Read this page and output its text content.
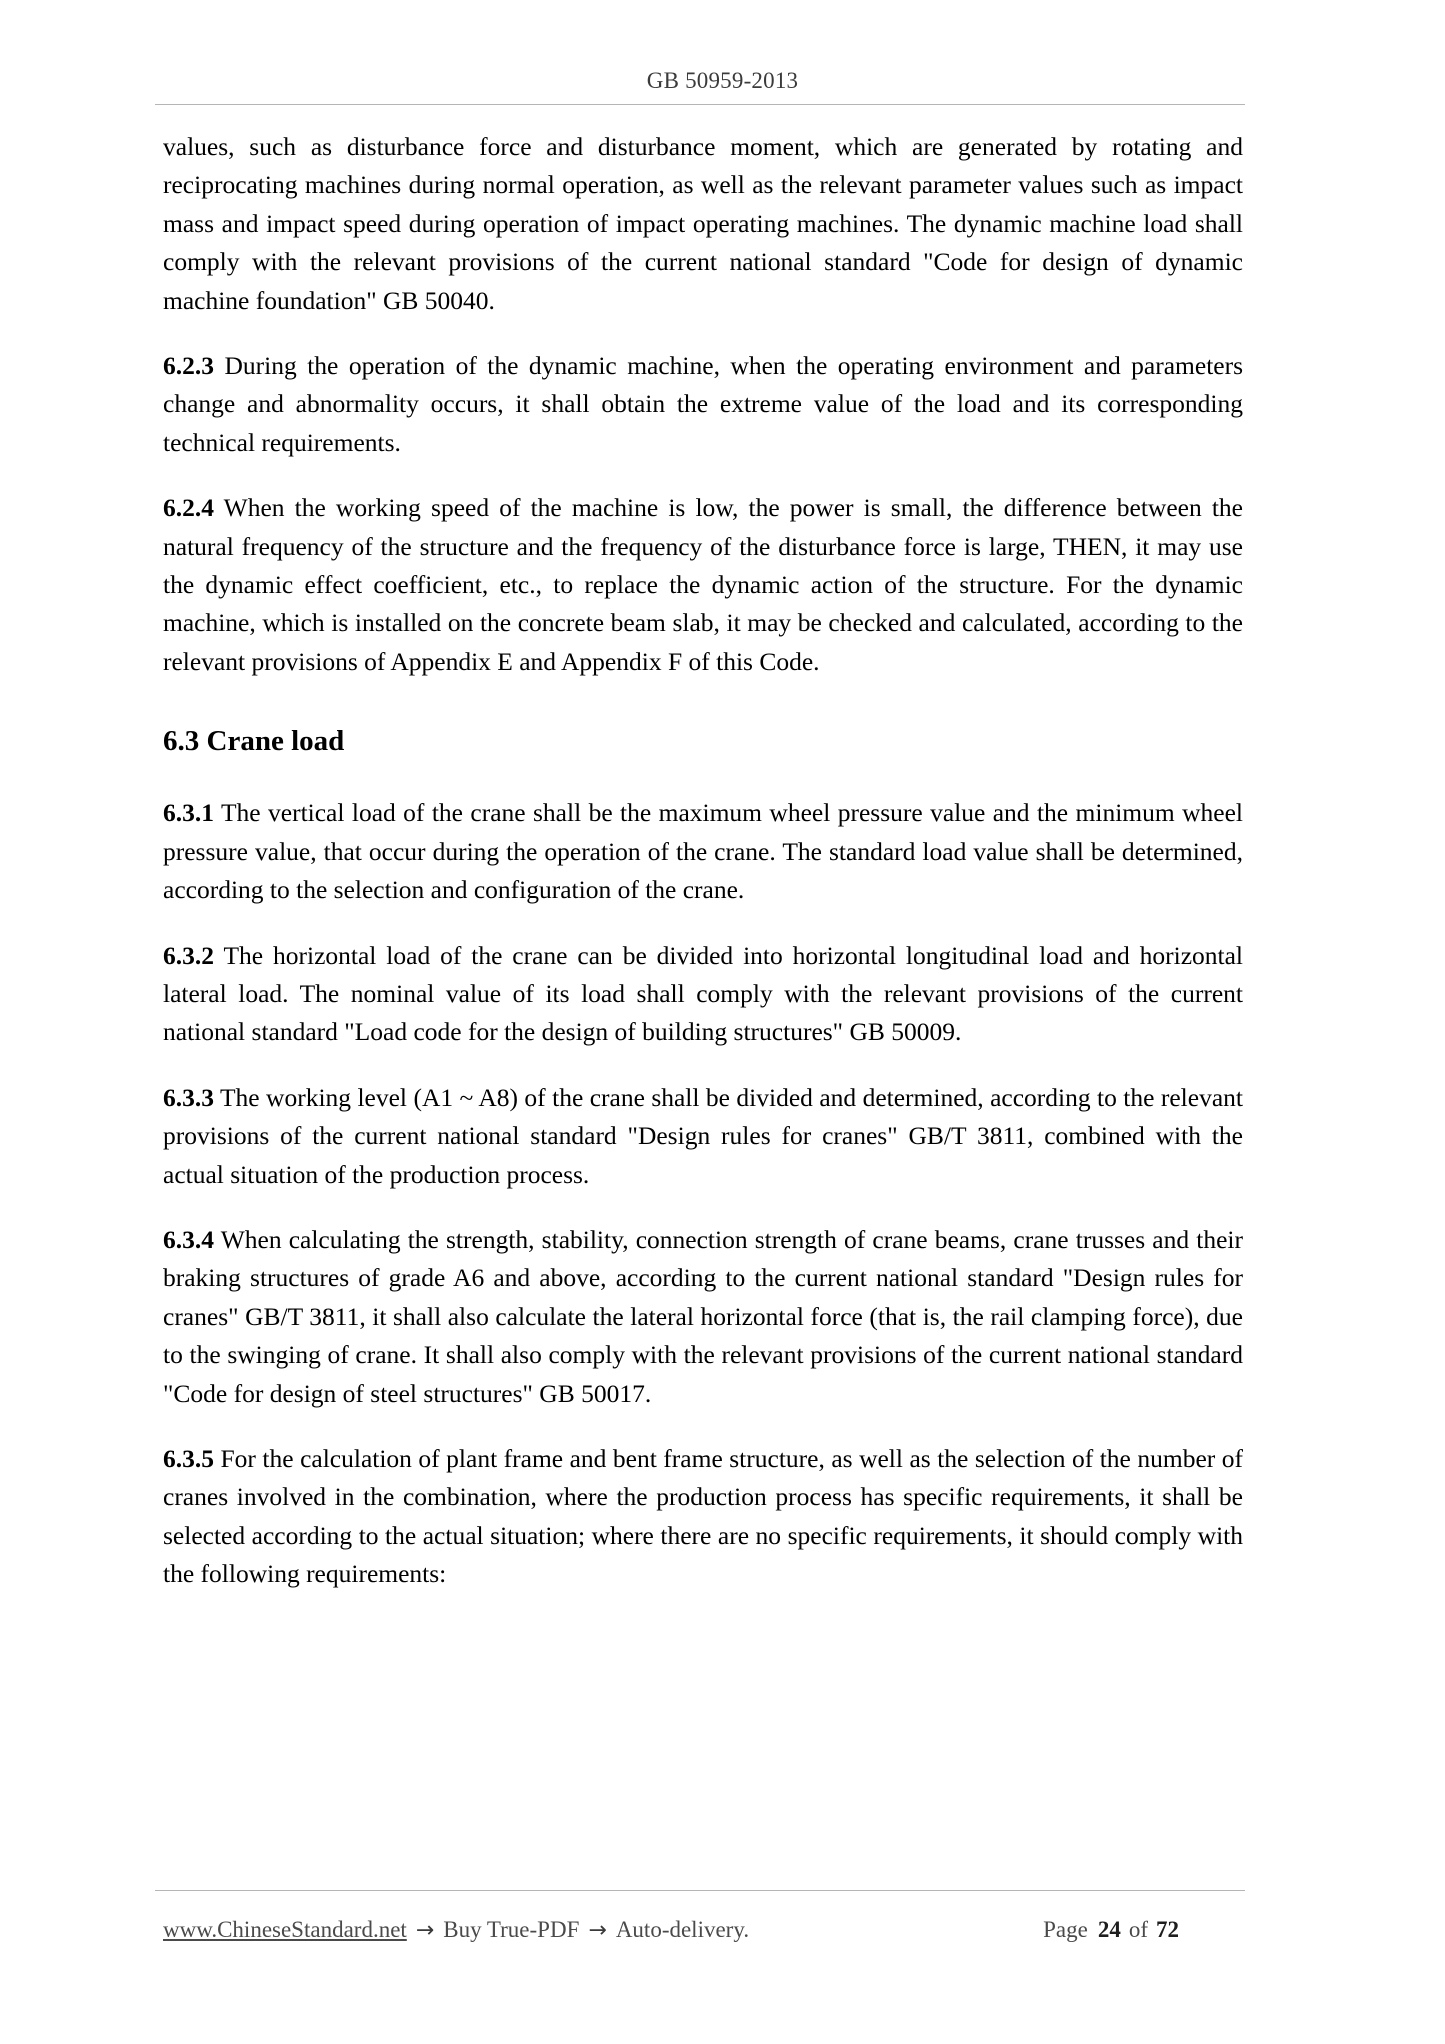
GB 50959-2013

values, such as disturbance force and disturbance moment, which are generated by rotating and reciprocating machines during normal operation, as well as the relevant parameter values such as impact mass and impact speed during operation of impact operating machines. The dynamic machine load shall comply with the relevant provisions of the current national standard "Code for design of dynamic machine foundation" GB 50040.

6.2.3 During the operation of the dynamic machine, when the operating environment and parameters change and abnormality occurs, it shall obtain the extreme value of the load and its corresponding technical requirements.

6.2.4 When the working speed of the machine is low, the power is small, the difference between the natural frequency of the structure and the frequency of the disturbance force is large, THEN, it may use the dynamic effect coefficient, etc., to replace the dynamic action of the structure. For the dynamic machine, which is installed on the concrete beam slab, it may be checked and calculated, according to the relevant provisions of Appendix E and Appendix F of this Code.

6.3 Crane load

6.3.1 The vertical load of the crane shall be the maximum wheel pressure value and the minimum wheel pressure value, that occur during the operation of the crane. The standard load value shall be determined, according to the selection and configuration of the crane.

6.3.2 The horizontal load of the crane can be divided into horizontal longitudinal load and horizontal lateral load. The nominal value of its load shall comply with the relevant provisions of the current national standard "Load code for the design of building structures" GB 50009.

6.3.3 The working level (A1 ~ A8) of the crane shall be divided and determined, according to the relevant provisions of the current national standard "Design rules for cranes" GB/T 3811, combined with the actual situation of the production process.

6.3.4 When calculating the strength, stability, connection strength of crane beams, crane trusses and their braking structures of grade A6 and above, according to the current national standard "Design rules for cranes" GB/T 3811, it shall also calculate the lateral horizontal force (that is, the rail clamping force), due to the swinging of crane. It shall also comply with the relevant provisions of the current national standard "Code for design of steel structures" GB 50017.

6.3.5 For the calculation of plant frame and bent frame structure, as well as the selection of the number of cranes involved in the combination, where the production process has specific requirements, it shall be selected according to the actual situation; where there are no specific requirements, it should comply with the following requirements:

www.ChineseStandard.net → Buy True-PDF → Auto-delivery.	Page 24 of 72
